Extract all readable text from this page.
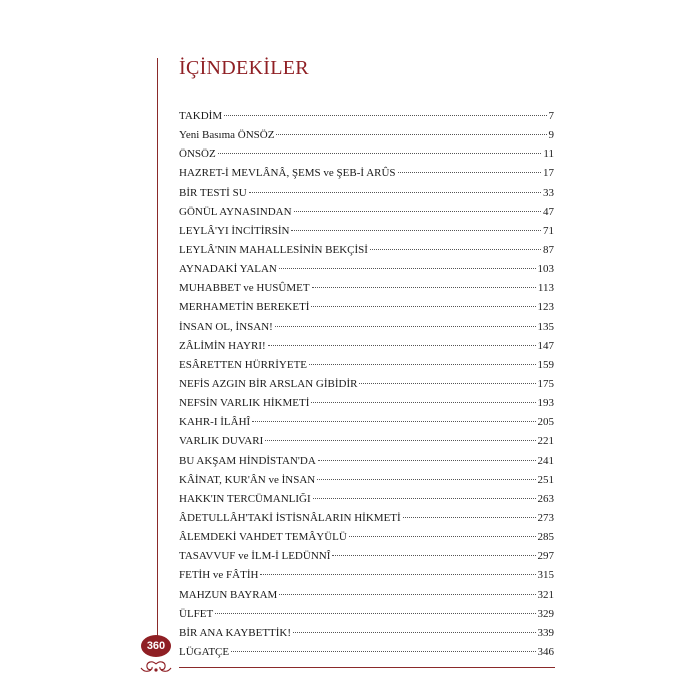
İÇİNDEKİLER
TAKDİM	7
Yeni Basıma ÖNSÖZ	9
ÖNSÖZ	11
HAZRET-İ MEVLÂNÂ, ŞEMS ve ŞEB-İ ARÛS	17
BİR TESTİ SU	33
GÖNÜL AYNASINDAN	47
LEYLÂ'YI İNCİTİRSİN	71
LEYLÂ'NIN MAHALLESİNİN BEKÇİSİ	87
AYNADAKİ YALAN	103
MUHABBET ve HUSÛMET	113
MERHAMETİN BEREKETİ	123
İNSAN OL, İNSAN!	135
ZÂLİMİN HAYRI!	147
ESÂRETTEN HÜRRİYETE	159
NEFİS AZGIN BİR ARSLAN GİBİDİR	175
NEFSİN VARLIK HİKMETİ	193
KAHR-I İLÂHÎ	205
VARLIK DUVARI	221
BU AKŞAM HİNDİSTAN'DA	241
KÂİNAT, KUR'ÂN ve İNSAN	251
HAKK'IN TERCÜMANLIĞI	263
ÂDETULLÂH'TAKİ İSTİSNÂLARIN HİKMETİ	273
ÂLEMDEKİ VAHDET TEMÂYÜLÜ	285
TASAVVUF ve İLM-İ LEDÜNNÎ	297
FETİH ve FÂTİH	315
MAHZUN BAYRAM	321
ÜLFET	329
BİR ANA KAYBETTİK!	339
LÜGATÇE	346
360
